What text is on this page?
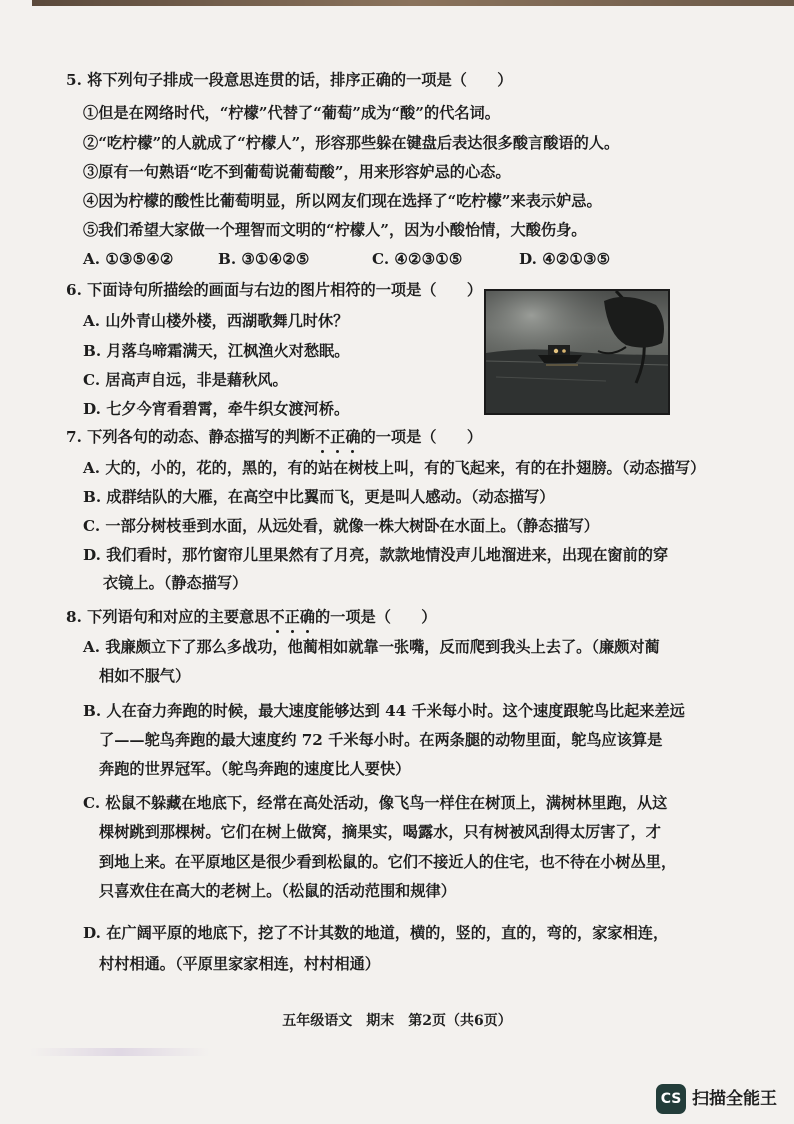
5. 将下列句子排成一段意思连贯的话，排序正确的一项是（　　）
①但是在网络时代，“柠檬”代替了“葡萄”成为“酸”的代名词。
②“吃柠檬”的人就成了“柠檬人”，形容那些躲在键盘后表达很多酸言酸语的人。
③原有一句熟语“吃不到葡萄说葡萄酸”，用来形容妒忌的心态。
④因为柠檬的酸性比葡萄明显，所以网友们现在选择了“吃柠檬”来表示妒忌。
⑤我们希望大家做一个理智而文明的“柠檬人”，因为小酸怡情，大酸伤身。
A. ①③⑤④②	B. ③①④②⑤	C. ④②③①⑤	D. ④②①③⑤
6. 下面诗句所描绘的画面与右边的图片相符的一项是（　　）
A. 山外青山楼外楼，西湖歌舞几时休？
B. 月落乌啼霜满天，江枫渔火对愁眠。
C. 居高声自远，非是藉秋风。
D. 七夕今宵看碧霄，牵牛织女渡河桥。
7. 下列各句的动态、静态描写的判断不正确的一项是（　　）
A. 大的，小的，花的，黑的，有的站在树枝上叫，有的飞起来，有的在扑翅膀。（动态描写）
B. 成群结队的大雁，在高空中比翼而飞，更是叫人感动。（动态描写）
C. 一部分树枝垂到水面，从远处看，就像一株大树卧在水面上。（静态描写）
D. 我们看时，那竹窗帘儿里果然有了月亮，款款地情没声儿地溜进来，出现在窗前的穿
衣镜上。（静态描写）
8. 下列语句和对应的主要意思不正确的一项是（　　）
A. 我廉颇立下了那么多战功，他蔺相如就靠一张嘴，反而爬到我头上去了。（廉颇对蔺
相如不服气）
B. 人在奋力奔跑的时候，最大速度能够达到 44 千米每小时。这个速度跟鸵鸟比起来差远
了——鸵鸟奔跑的最大速度约 72 千米每小时。在两条腿的动物里面，鸵鸟应该算是
奔跑的世界冠军。（鸵鸟奔跑的速度比人要快）
C. 松鼠不躲藏在地底下，经常在高处活动，像飞鸟一样住在树顶上，满树林里跑，从这
棵树跳到那棵树。它们在树上做窝，摘果实，喝露水，只有树被风刮得太厉害了，才
到地上来。在平原地区是很少看到松鼠的。它们不接近人的住宅，也不待在小树丛里，
只喜欢住在高大的老树上。（松鼠的活动范围和规律）
D. 在广阔平原的地底下，挖了不计其数的地道，横的，竖的，直的，弯的，家家相连，
村村相通。（平原里家家相连，村村相通）
五年级语文　期末　第2页（共6页）
CS 扫描全能王
